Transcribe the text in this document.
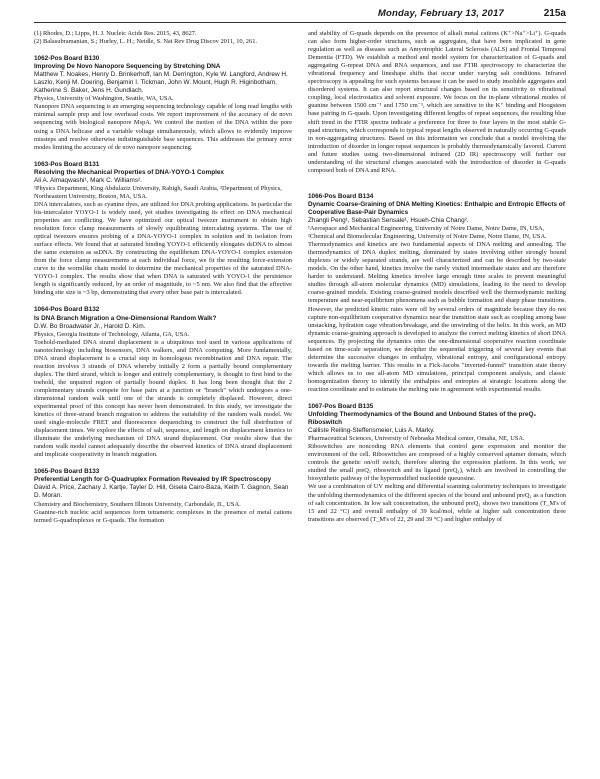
Monday, February 13, 2017	215a

(1) Rhodes, D.; Lipps, H. J. Nucleic Acids Res. 2015, 43, 8627.

(2) Balasubramanian, S.; Hurley, L. H.; Neidle, S. Nat Rev Drug Discov 2011, 10, 261.

1062-Pos Board B130

Improving De Novo Nanopore Sequencing by Stretching DNA

Matthew T. Noakes, Henry D. Brinkerhoff, Ian M. Derrington, Kyle W. Langford, Andrew H. Laszlo, Kenji M. Doering, Benjamin I. Tickman, John W. Mount, Hugh R. Higinbotham, Katherine S. Baker, Jens H. Gundlach.

Physics, University of Washington, Seattle, WA, USA.

Nanopore DNA sequencing is an emerging sequencing technology capable of long read lengths with minimal sample prep and low overhead costs. We report improvement of the accuracy of de novo sequencing with biological nanopore MspA. We control the motion of the DNA within the pore using a DNA helicase and a variable voltage simultaneously, which allows to evidently improve missteps and resolve otherwise indistinguishable base sequences. This addresses the primary error modes limiting the accuracy of de novo nanopore sequencing.

1063-Pos Board B131

Resolving the Mechanical Properties of DNA-YOYO-1 Complex

Ali A. Almaqwashi¹, Mark C. Williams².

¹Physics Department, King Abdulaziz University, Rabigh, Saudi Arabia, ²Department of Physics, Northeastern University, Boston, MA, USA.

DNA intercalators, such as cyanine dyes, are utilized for DNA probing applications. In particular the bis-intercalator YOYO-1 is widely used, yet studies investigating its effect on DNA mechanical properties are conflicting. We have optimized our optical tweezer instrument to obtain high resolution force clamp measurements of slowly equilibrating intercalating systems. The use of optical tweezers ensures probing of a DNA-YOYO-1 complex in solution and in isolation from surface effects. We found that at saturated binding YOYO-1 efficiently elongates dsDNA to almost the same extension as ssDNA. By constructing the equilibrium DNA-YOYO-1 complex extension from the force clamp measurements at each individual force, we fit the resulting force-extension curve to the wormlike chain model to determine the mechanical properties of the saturated DNA-YOYO-1 complex. The results show that when DNA is saturated with YOYO-1 the persistence length is significantly reduced, by an order of magnitude, to ~5 nm. We also find that the effective binding site size is ~3 bp, demonstrating that every other base pair is intercalated.

1064-Pos Board B132

Is DNA Branch Migration a One-Dimensional Random Walk?

D.W. Bo Broadwater Jr., Harold D. Kim.

Physics, Georgia Institute of Technology, Atlanta, GA, USA.

Toehold-mediated DNA strand displacement is a ubiquitous tool used in various applications of nanotechnology including biosensors, DNA walkers, and DNA computing. More fundamentally, DNA strand displacement is a crucial step in homologous recombination and DNA repair. The reaction involves 3 strands of DNA whereby initially 2 form a partially bound complementary duplex. The third strand, which is longer and entirely complementary, is thought to first bind to the toehold, the unpaired region of partially bound duplex. It has long been thought that the 2 complementary strands compete for base pairs at a junction or "branch" which undergoes a one-dimensional random walk until one of the strands is completely displaced. However, direct experimental proof of this concept has never been demonstrated. In this study, we investigate the kinetics of three-strand branch migration to address the suitability of the random walk model. We used single-molecule FRET and fluorescence dequenching to construct the full distribution of displacement times. We explore the effects of salt, sequence, and length on displacement kinetics to illuminate the underlying mechanism of DNA strand displacement. Our results show that the random walk model cannot adequately describe the observed kinetics of DNA strand displacement and implicate cooperativity in branch migration.

1065-Pos Board B133

Preferential Length for G-Quadruplex Formation Revealed by IR Spectroscopy

David A. Price, Zachary J. Kartje, Tayler D. Hill, Gisela Cairo-Baza, Keith T. Gagnon, Sean D. Moran.

Chemistry and Biochemistry, Southern Illinois University, Carbondale, IL, USA.

Guanine-rich nucleic acid sequences form tetrameric complexes in the presence of metal cations termed G-quadruplexes or G-quads. The formation

and stability of G-quads depends on the presence of alkali metal cations (K⁺>Na⁺>Li⁺). G-quads can also form higher-order structures, such as aggregates, that have been implicated in gene regulation as well as diseases such as Amyotrophic Lateral Sclerosis (ALS) and Frontal Temporal Dementia (FTD). We establish a method and model system for characterization of G-quads and aggregating G-repeat DNA and RNA sequences, and use FTIR spectroscopy to characterize the vibrational frequency and lineshape shifts that occur under varying salt conditions. Infrared spectroscopy is appealing for such systems because it can be used to study insoluble aggregates and disordered systems. It can also report structural changes based on its sensitivity to vibrational coupling, local electrostatics and solvent exposure. We focus on the in-plane vibrational modes of guanine between 1500 cm⁻¹ and 1750 cm⁻¹, which are sensitive to the K⁺ binding and Hoogsteen base pairing in G-quads. Upon investigating different lengths of repeat sequences, the resulting blue shift trend in the FTIR spectra indicate a preference for three to four layers in the most stable G-quad structures, which corresponds to typical repeat lengths observed in naturally occurring G-quads in non-aggregating structures. Based on this information we conclude that a model involving the introduction of disorder in longer repeat sequences is probably thermodynamically favored. Current and future studies using two-dimensional infrared (2D IR) spectroscopy will further our understanding of the structural changes associated with the introduction of disorder in G-quads composed both of DNA and RNA.

1066-Pos Board B134

Dynamic Coarse-Graining of DNA Melting Kinetics: Enthalpic and Entropic Effects of Cooperative Base-Pair Dynamics

Zhangli Peng¹, Sebastian Sensale¹, Hsueh-Chia Chang².

¹Aerospace and Mechanical Engineering, University of Notre Dame, Notre Dame, IN, USA, ²Chemical and Biomolecular Engineering, University of Notre Dame, Notre Dame, IN, USA.

Thermodynamics and kinetics are two fundamental aspects of DNA melting and annealing. The thermodynamics of DNA duplex melting, dominated by states involving either strongly bound duplexes or widely separated strands, are well characterized and can be described by two-state models. On the other hand, kinetics involve the rarely visited intermediate states and are therefore harder to understand. Melting kinetics involve large enough time scales to prevent meaningful studies through all-atom molecular dynamics (MD) simulations, leading to the need to develop coarse-grained models. Existing coarse-grained models described well the thermodynamic melting temperature and near-equilibrium phenomena such as bubble formation and sharp phase transitions. However, the predicted kinetic rates were off by several orders of magnitude because they do not capture non-equilibrium cooperative dynamics near the transition state such as coupling among base unstacking, hydration cage vibration/breakage, and the unwinding of the helix. In this work, an MD dynamic coarse-graining approach is developed to analyze the correct melting kinetics of short DNA sequences. By projecting the dynamics onto the one-dimensional cooperative reaction coordinate based on time-scale separation, we decipher the sequential triggering of several key events that determine the successive changes in enthalpy, vibrational entropy, and configurational entropy towards the melting barrier. This results in a Fick-Jacobs "inverted-funnel" transition state theory which allows us to use all-atom MD simulations, principal component analysis, and classic homogenization theory to identify the enthalpies and entropies at strategic locations along the reaction coordinate and to estimate the melting rate in agreement with experimental results.

1067-Pos Board B135

Unfolding Thermodynamics of the Bound and Unbound States of the preQ₁ Riboswitch

Calliste Reiling-Steffensmeier, Luis A. Marky.

Pharmaceutical Sciences, University of Nebraska Medical center, Omaha, NE, USA.

Riboswitches are noncoding RNA elements that control gene expression and monitor the environment of the cell. Riboswitches are composed of a highly conserved aptamer domain, which controls the genetic on/off switch, therefore altering the expression platform. In this work, we studied the small preQ₁ riboswitch and its ligand (preQ₁), which are involved in controlling the biosynthetic pathway of the hypermodified nucleotide queuosine.

We use a combination of UV melting and differential scanning calorimetry techniques to investigate the unfolding thermodynamics of the different species of the bound and unbound preQ₁ as a function of salt concentration. In low salt concentration, the unbound preQ₁ shows two transitions (T_M's of 15 and 22 °C) and overall enthalpy of 39 kcal/mol, while at higher salt concentration three transitions are observed (T_M's of 22, 29 and 39 °C) and higher enthalpy of
